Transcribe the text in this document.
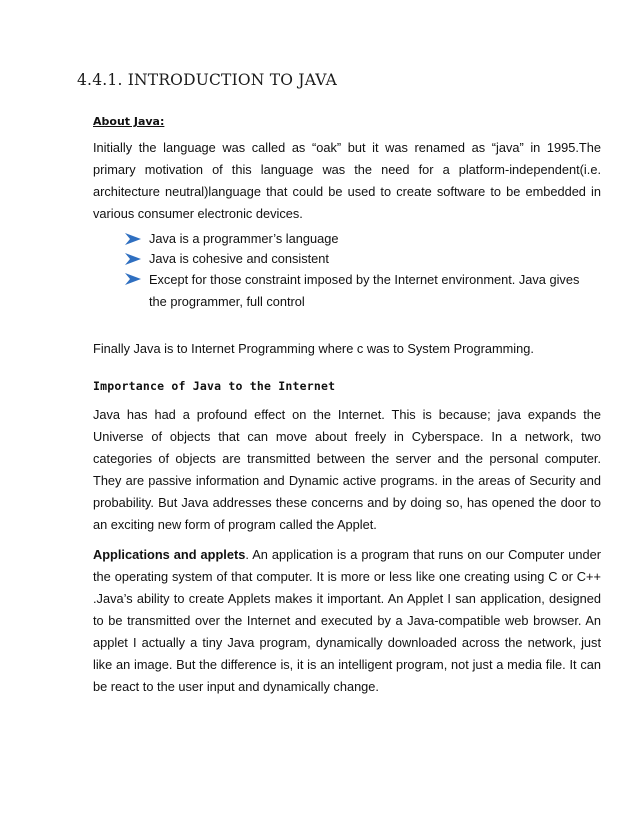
4.4.1. INTRODUCTION TO JAVA

About Java:

Initially the language was called as “oak” but it was renamed as “java” in 1995.The primary motivation of this language was the need for a platform-independent(i.e. architecture neutral)language that could be used to create software to be embedded in various consumer electronic devices.

Java is a programmer’s language
Java is cohesive and consistent
Except for those constraint imposed by the Internet environment. Java gives the programmer, full control

Finally Java is to Internet Programming where c was to System Programming.

Importance of Java to the Internet

Java has had a profound effect on the Internet. This is because; java expands the Universe of objects that can move about freely in Cyberspace. In a network, two categories of objects are transmitted between the server and the personal computer. They are passive information and Dynamic active programs. in the areas of Security and probability. But Java addresses these concerns and by doing so, has opened the door to an exciting new form of program called the Applet.

Applications and applets. An application is a program that runs on our Computer under the operating system of that computer. It is more or less like one creating using C or C++ .Java’s ability to create Applets makes it important. An Applet I san application, designed to be transmitted over the Internet and executed by a Java-compatible web browser. An applet I actually a tiny Java program, dynamically downloaded across the network, just like an image. But the difference is, it is an intelligent program, not just a media file. It can be react to the user input and dynamically change.
